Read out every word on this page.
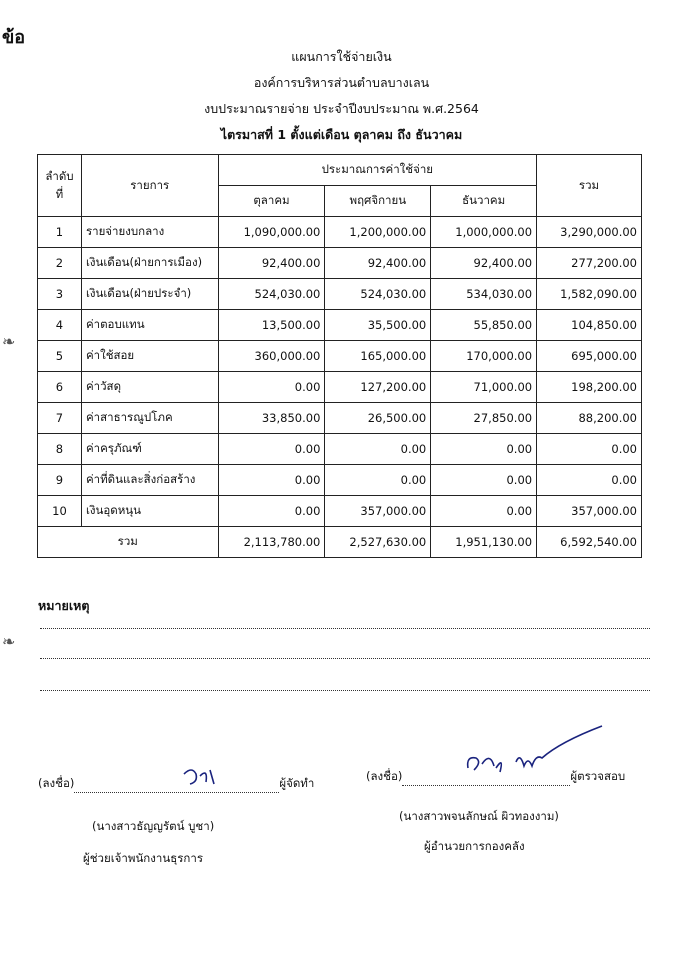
ข้อ
แผนการใช้จ่ายเงิน
องค์การบริหารส่วนตำบลบางเลน
งบประมาณรายจ่าย ประจำปีงบประมาณ พ.ศ.2564
ไตรมาสที่ 1 ตั้งแต่เดือน ตุลาคม ถึง ธันวาคม
ลำดับที่	รายการ	ประมาณการค่าใช้จ่าย			รวม
		ตุลาคม	พฤศจิกายน	ธันวาคม	
1	รายจ่ายงบกลาง	1,090,000.00	1,200,000.00	1,000,000.00	3,290,000.00
2	เงินเดือน(ฝ่ายการเมือง)	92,400.00	92,400.00	92,400.00	277,200.00
3	เงินเดือน(ฝ่ายประจำ)	524,030.00	524,030.00	534,030.00	1,582,090.00
4	ค่าตอบแทน	13,500.00	35,500.00	55,850.00	104,850.00
5	ค่าใช้สอย	360,000.00	165,000.00	170,000.00	695,000.00
6	ค่าวัสดุ	0.00	127,200.00	71,000.00	198,200.00
7	ค่าสาธารณูปโภค	33,850.00	26,500.00	27,850.00	88,200.00
8	ค่าครุภัณฑ์	0.00	0.00	0.00	0.00
9	ค่าที่ดินและสิ่งก่อสร้าง	0.00	0.00	0.00	0.00
10	เงินอุดหนุน	0.00	357,000.00	0.00	357,000.00
รวม		2,113,780.00	2,527,630.00	1,951,130.00	6,592,540.00
❧
❧
หมายเหตุ
(ลงชื่อ)	ผู้จัดทำ
(นางสาวธัญญรัตน์ บูชา)
ผู้ช่วยเจ้าพนักงานธุรการ
(ลงชื่อ)	ผู้ตรวจสอบ
(นางสาวพจนลักษณ์ ผิวทองงาม)
ผู้อำนวยการกองคลัง
